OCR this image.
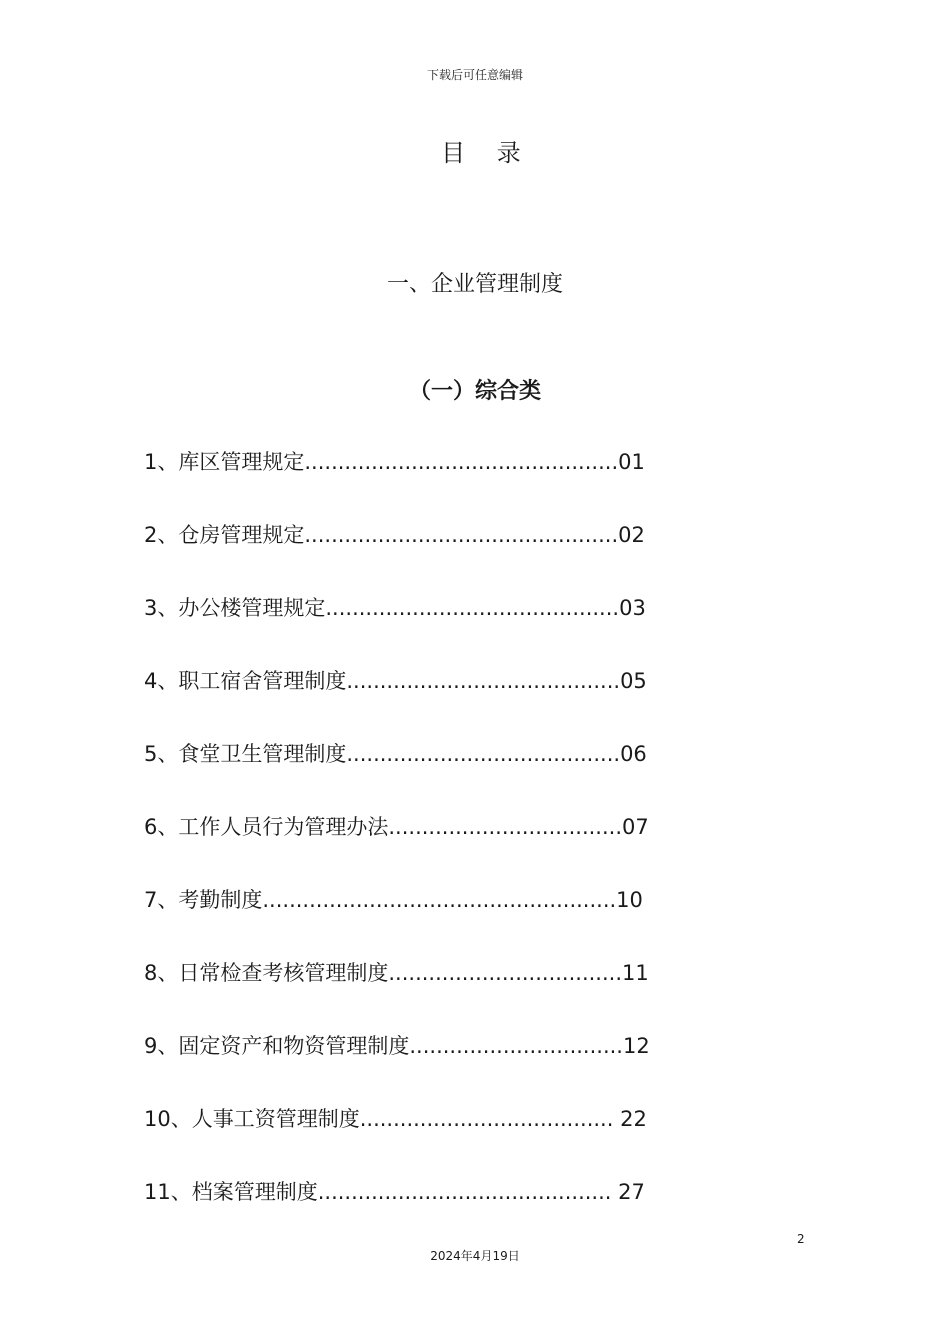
下载后可任意编辑
目 录
一、企业管理制度
（一）综合类
1、库区管理规定...............................................01
2、仓房管理规定...............................................02
3、办公楼管理规定............................................03
4、职工宿舍管理制度.........................................05
5、食堂卫生管理制度.........................................06
6、工作人员行为管理办法...................................07
7、考勤制度.....................................................10
8、日常检查考核管理制度...................................11
9、固定资产和物资管理制度................................12
10、人事工资管理制度...................................... 22
11、档案管理制度............................................ 27
2
2024年4月19日
